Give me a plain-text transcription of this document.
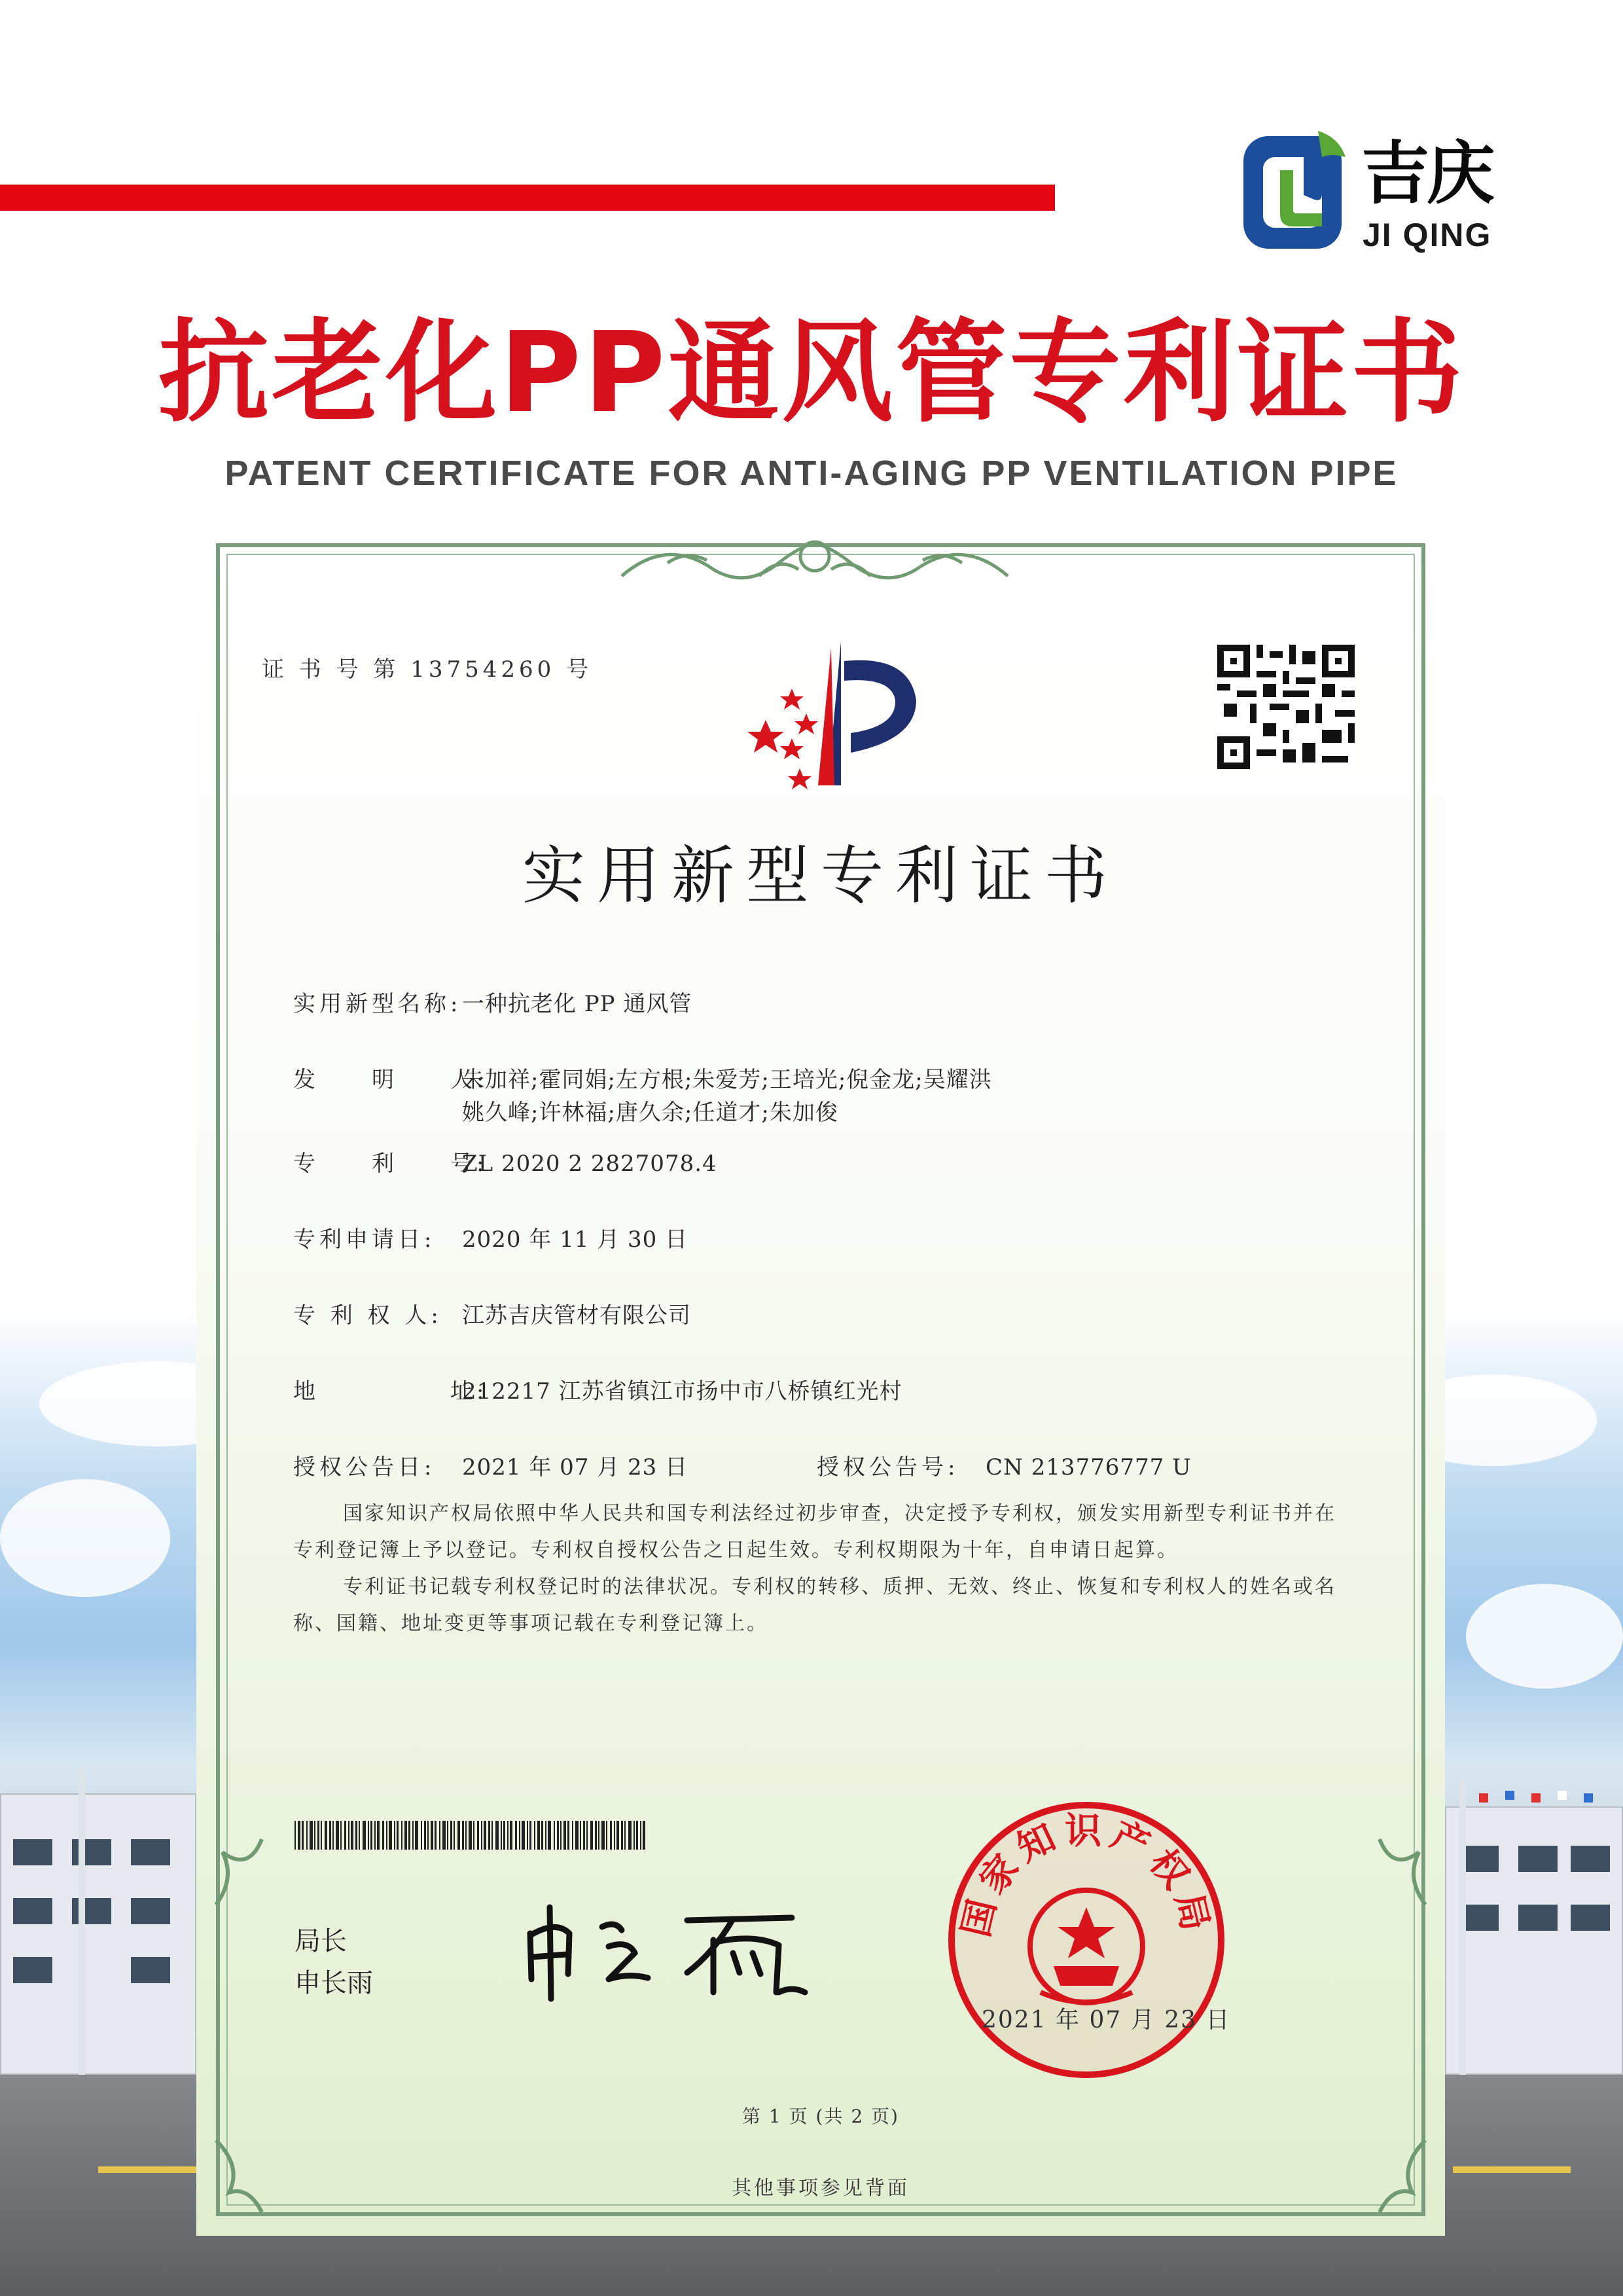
吉庆
JI QING
抗老化PP通风管专利证书
PATENT CERTIFICATE FOR ANTI-AGING PP VENTILATION PIPE
证 书 号 第 13754260 号
实用新型专利证书
实用新型名称:一种抗老化 PP 通风管
发　　明　　人:朱加祥;霍同娟;左方根;朱爱芳;王培光;倪金龙;吴耀洪
姚久峰;许林福;唐久余;任道才;朱加俊
专　　利　　号:ZL 2020 2 2827078.4
专利申请日: 2020 年 11 月 30 日
专 利 权 人: 江苏吉庆管材有限公司
地　　　　　址:212217 江苏省镇江市扬中市八桥镇红光村
授权公告日: 2021 年 07 月 23 日	授权公告号: CN 213776777 U

国家知识产权局依照中华人民共和国专利法经过初步审查，决定授予专利权，颁发实用新型专利证书并在专利登记簿上予以登记。专利权自授权公告之日起生效。专利权期限为十年，自申请日起算。

专利证书记载专利权登记时的法律状况。专利权的转移、质押、无效、终止、恢复和专利权人的姓名或名称、国籍、地址变更等事项记载在专利登记簿上。

局长
申长雨
国家知识产权局
2021 年 07 月 23 日
第 1 页 (共 2 页)
其他事项参见背面
